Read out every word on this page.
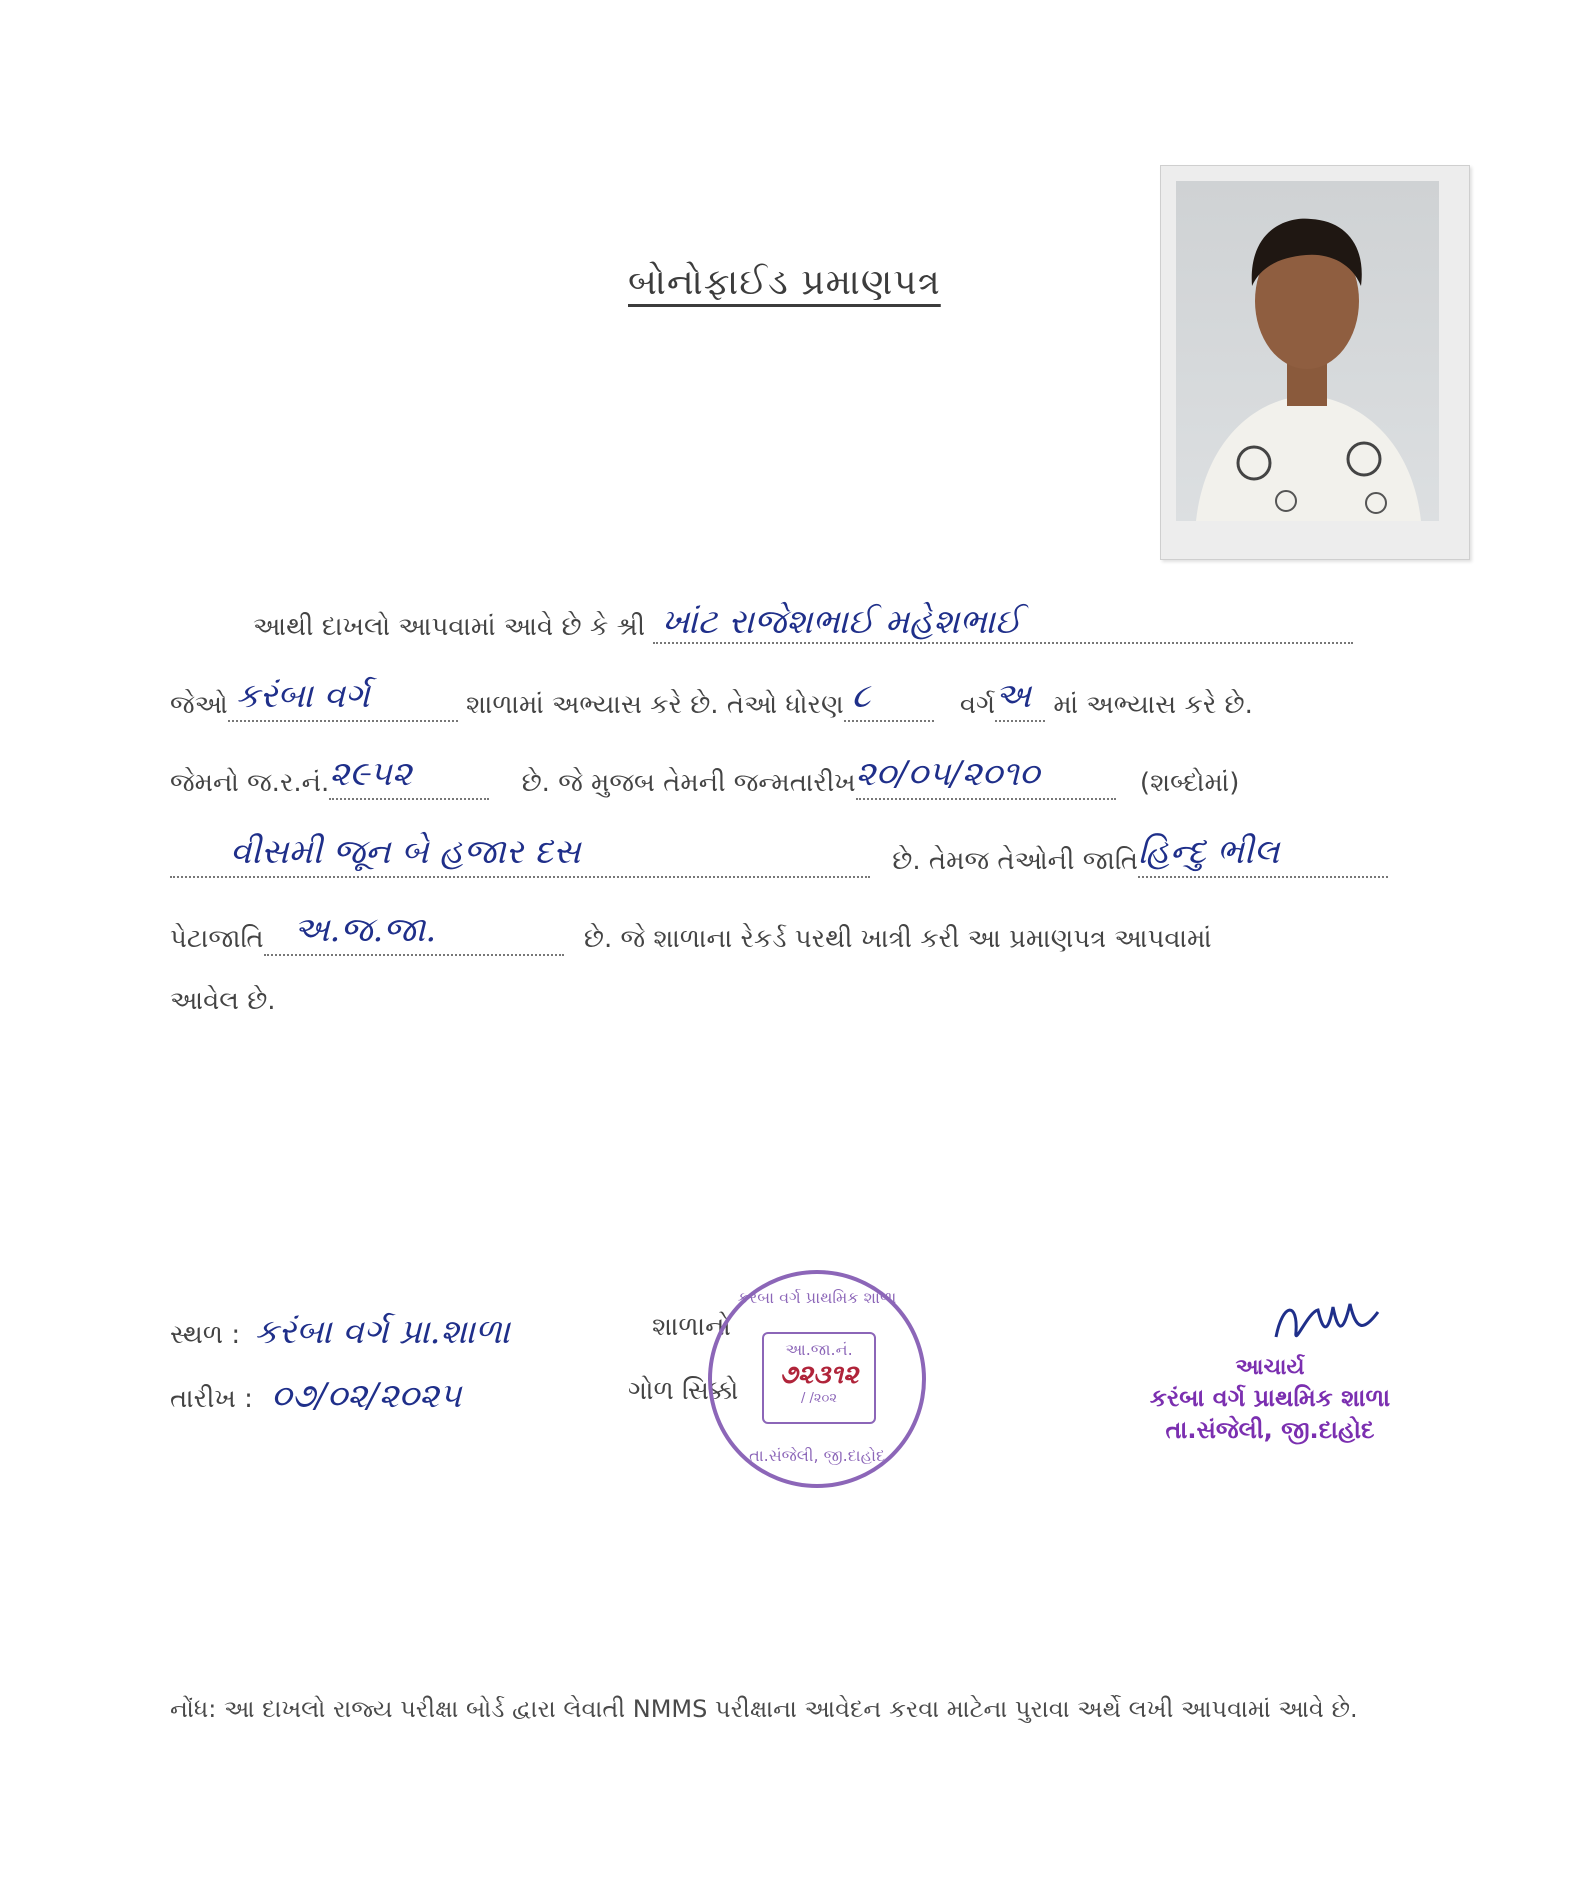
બોનોફાઈડ પ્રમાણપત્ર
આથી દાખલો આપવામાં આવે છે કે શ્રી ખાંટ રાજેશભાઈ મહેશભાઈ
જેઓ કરંબા વર્ગ	શાળામાં અભ્યાસ કરે છે. તેઓ ધોરણ ૮	વર્ગ અ માં અભ્યાસ કરે છે.
જેમનો જ.ર.નં. ૨૯૫૨	છે. જે મુજબ તેમની જન્મતારીખ ૨૦/૦૫/૨૦૧૦	(શબ્દોમાં)

વીસમી જૂન બે હજાર દસ	છે. તેમજ તેઓની જાતિ હિન્દુ ભીલ
પેટાજાતિ અ.જ.જા.	છે. જે શાળાના રેકર્ડ પરથી ખાત્રી કરી આ પ્રમાણપત્ર આપવામાં
આવેલ છે.
સ્થળ : કરંબા વર્ગ પ્રા.શાળા	શાળાનો
તારીખ : ૦૭/૦૨/૨૦૨૫	ગોળ સિક્કો
આ.જા.નં.
૭૨૩૧૨
/ /૨૦૨
તા.સંજેલી, જી.દાહોદ
કરંબા વર્ગ પ્રાથમિક શાળા
આચાર્ય
કરંબા વર્ગ પ્રાથમિક શાળા
તા.સંજેલી, જી.દાહોદ
નોંધ: આ દાખલો રાજ્ય પરીક્ષા બોર્ડ દ્વારા લેવાતી NMMS પરીક્ષાના આવેદન કરવા માટેના પુરાવા અર્થે લખી આપવામાં આવે છે.
